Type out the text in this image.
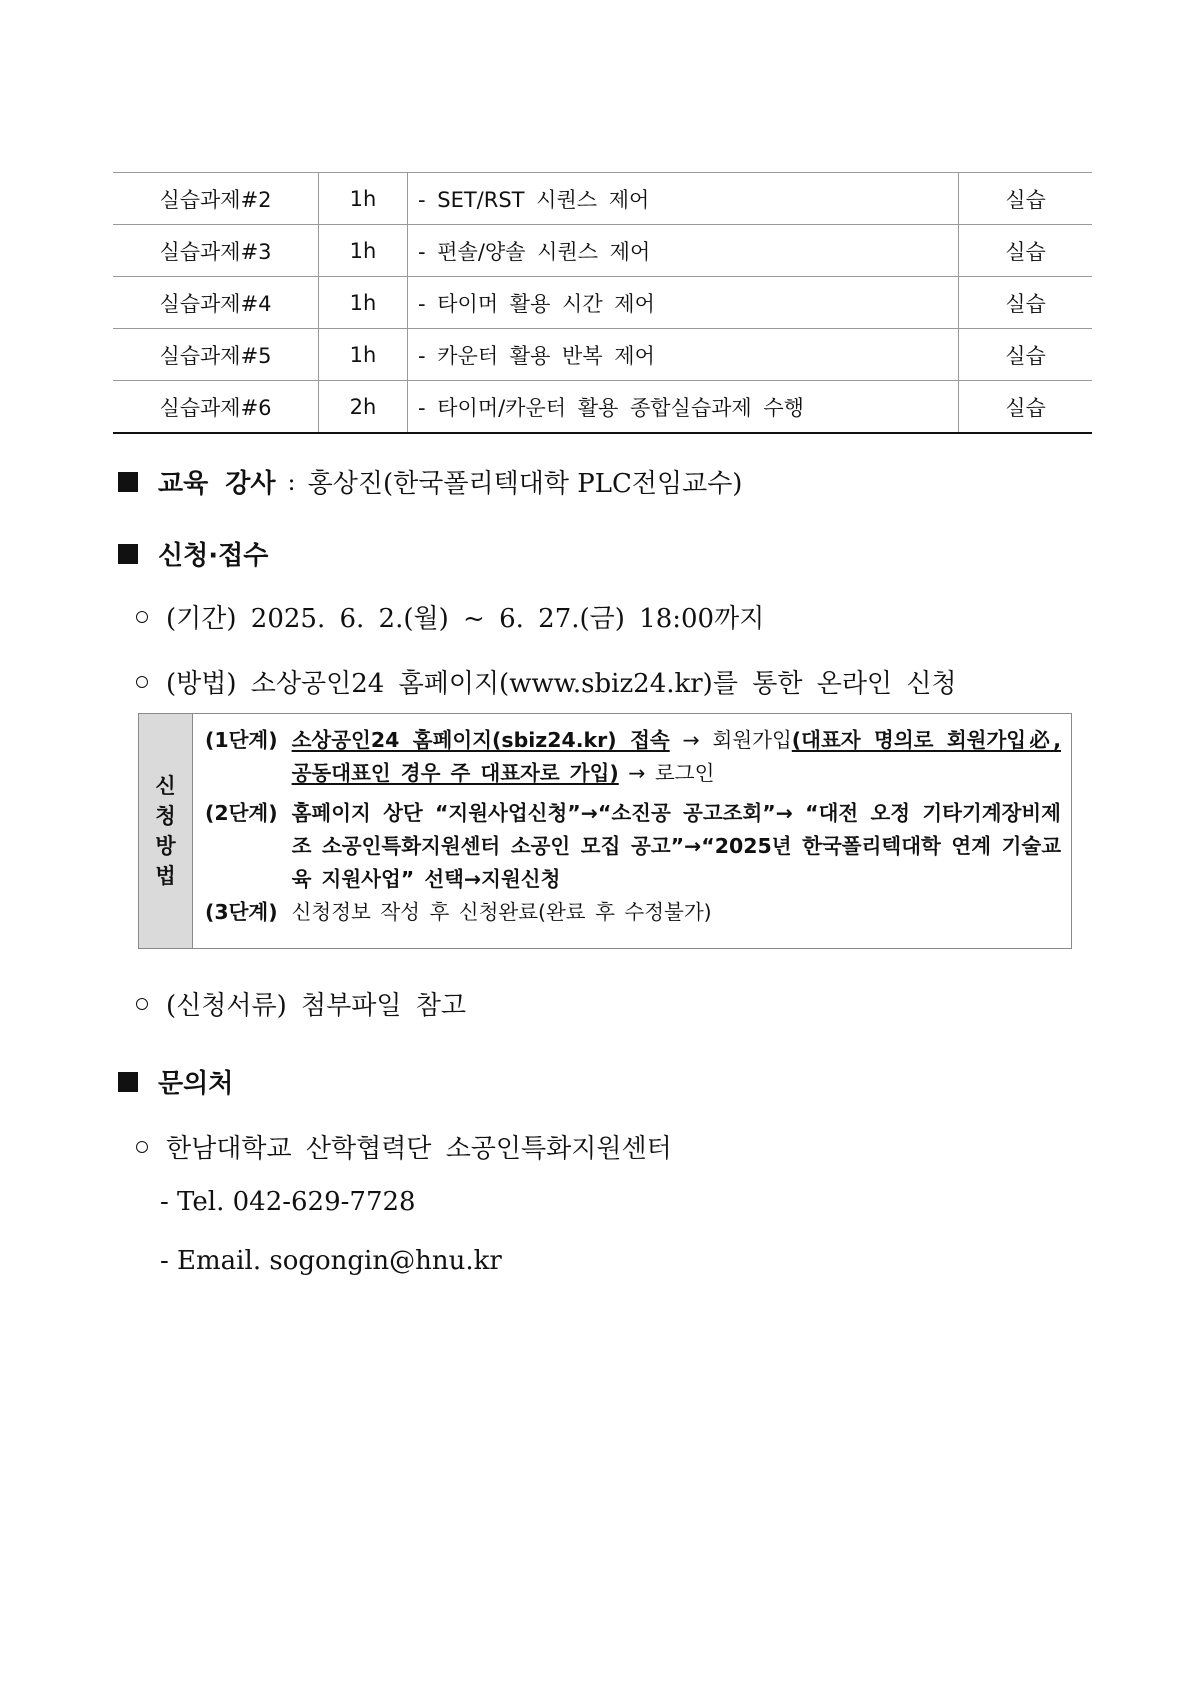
실습과제#2	1h	- SET/RST 시퀀스 제어	실습
실습과제#3	1h	- 편솔/양솔 시퀀스 제어	실습
실습과제#4	1h	- 타이머 활용 시간 제어	실습
실습과제#5	1h	- 카운터 활용 반복 제어	실습
실습과제#6	2h	- 타이머/카운터 활용 종합실습과제 수행	실습
교육 강사 : 홍상진(한국폴리텍대학 PLC전임교수)
신청·접수
(기간) 2025. 6. 2.(월) ~ 6. 27.(금) 18:00까지
(방법) 소상공인24 홈페이지(www.sbiz24.kr)를 통한 온라인 신청
신
청
방
법
(1단계) 소상공인24 홈페이지(sbiz24.kr) 접속 → 회원가입(대표자 명의로 회원가입必, 공동대표인 경우 주 대표자로 가입) → 로그인
(2단계) 홈페이지 상단 “지원사업신청”→“소진공 공고조회”→ “대전 오정 기타기계장비제조 소공인특화지원센터 소공인 모집 공고”→“2025년 한국폴리텍대학 연계 기술교육 지원사업” 선택→지원신청
(3단계) 신청정보 작성 후 신청완료(완료 후 수정불가)
(신청서류) 첨부파일 참고
문의처
한남대학교 산학협력단 소공인특화지원센터
- Tel. 042-629-7728
- Email. sogongin@hnu.kr
